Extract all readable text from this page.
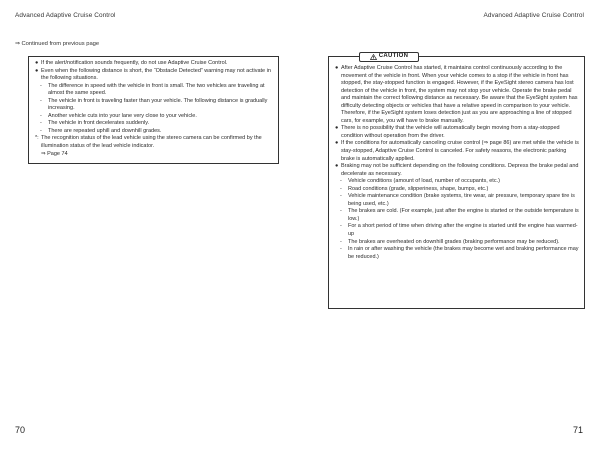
Advanced Adaptive Cruise Control
⇒ Continued from previous page
● If the alert/notification sounds frequently, do not use Adaptive Cruise Control.
● Even when the following distance is short, the “Obstacle Detected” warning may not activate in the following situations.
- The difference in speed with the vehicle in front is small. The two vehicles are traveling at almost the same speed.
- The vehicle in front is traveling faster than your vehicle. The following distance is gradually increasing.
- Another vehicle cuts into your lane very close to your vehicle.
- The vehicle in front decelerates suddenly.
- There are repeated uphill and downhill grades.
*: The recognition status of the lead vehicle using the stereo camera can be confirmed by the illumination status of the lead vehicle indicator.
⇒ Page 74
70
Advanced Adaptive Cruise Control
CAUTION
● After Adaptive Cruise Control has started, it maintains control continuously according to the movement of the vehicle in front. When your vehicle comes to a stop if the vehicle in front has stopped, the stay-stopped function is engaged. However, if the EyeSight stereo camera has lost detection of the vehicle in front, the system may not stop your vehicle. Operate the brake pedal and maintain the correct following distance as necessary. Be aware that the EyeSight system has difficulty detecting objects or vehicles that have a relative speed in comparison to your vehicle. Therefore, if the EyeSight system loses detection just as you are approaching a line of stopped cars, for example, you will have to brake manually.
● There is no possibility that the vehicle will automatically begin moving from a stay-stopped condition without operation from the driver.
● If the conditions for automatically canceling cruise control (⇒ page 86) are met while the vehicle is stay-stopped, Adaptive Cruise Control is canceled. For safety reasons, the electronic parking brake is automatically applied.
● Braking may not be sufficient depending on the following conditions. Depress the brake pedal and decelerate as necessary.
- Vehicle conditions (amount of load, number of occupants, etc.)
- Road conditions (grade, slipperiness, shape, bumps, etc.)
- Vehicle maintenance condition (brake systems, tire wear, air pressure, temporary spare tire is being used, etc.)
- The brakes are cold. (For example, just after the engine is started or the outside temperature is low.)
- For a short period of time when driving after the engine is started until the engine has warmed-up
- The brakes are overheated on downhill grades (braking performance may be reduced).
- In rain or after washing the vehicle (the brakes may become wet and braking performance may be reduced.)
71
